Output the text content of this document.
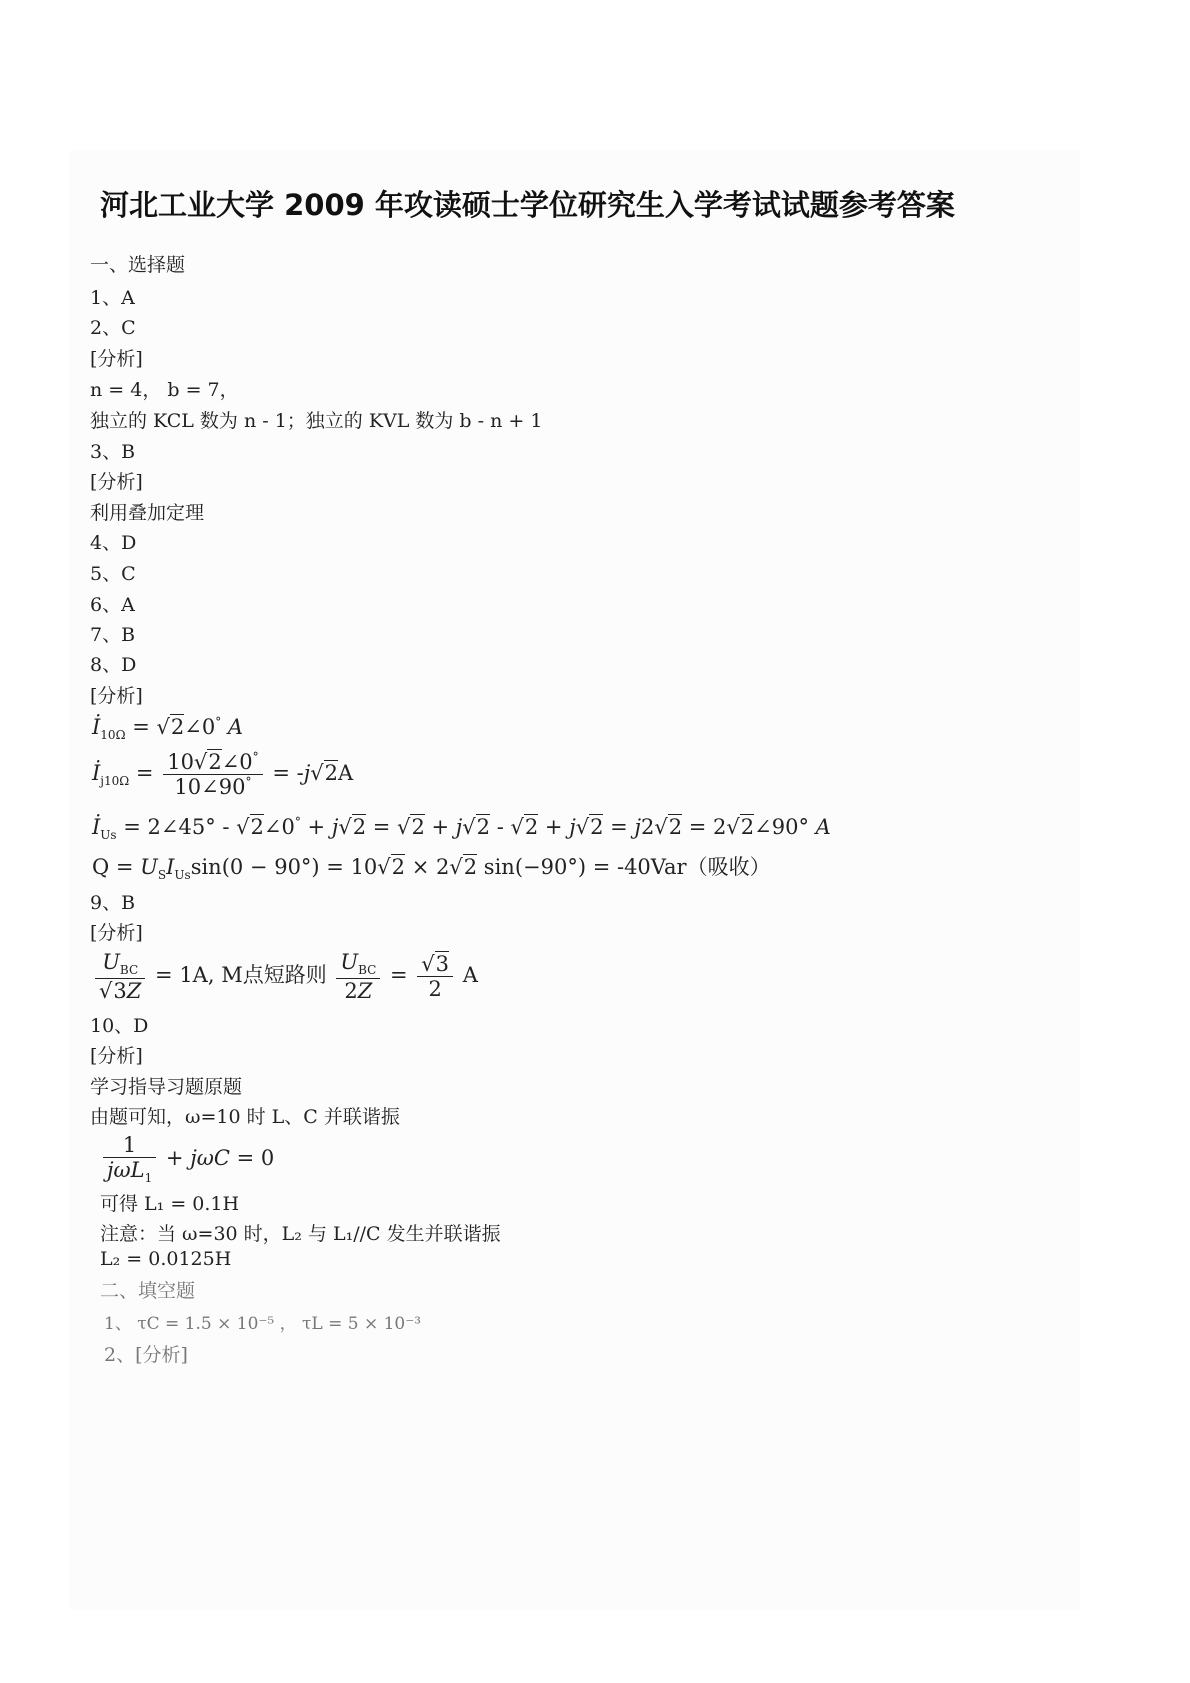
河北工业大学 2009 年攻读硕士学位研究生入学考试试题参考答案
一、选择题
1、A
2、C
[分析]
n = 4， b = 7，
独立的 KCL 数为 n - 1；独立的 KVL 数为 b - n + 1
3、B
[分析]
利用叠加定理
4、D
5、C
6、A
7、B
8、D
[分析]
$İ_{10\Omega}$ = √2∠0° A
$İ_{j10\Omega} = \frac{10√2\angle 0^\circ}{10\angle 90^\circ} = -j√2A$
$İ_{Us}$ = 2∠45° - √2∠0° + j√2 = √2 + j√2 - √2 + j√2 = j2√2 = 2√2∠90° A
$Q = U_SI_{Us}\sin(0 - 90^\circ) = 10√2 \times 2√2$ sin(−90°) = -40Var（吸收）
9、B
[分析]
$\frac{U_{BC}}{√3Z} = 1A$, M点短路则 $\frac{U_{BC}}{2Z} = \frac{√3}{2}$ A
10、D
[分析]
学习指导习题原题
由题可知，ω=10 时 L、C 并联谐振
$\frac{1}{j\omega L_1} + j\omega C = 0$
可得 L₁ = 0.1H
注意：当 ω=30 时，L₂ 与 L₁//C 发生并联谐振
L₂ = 0.0125H
二、填空题
1、 τC = 1.5 × 10⁻⁵ ， τL = 5 × 10⁻³
2、[分析]
